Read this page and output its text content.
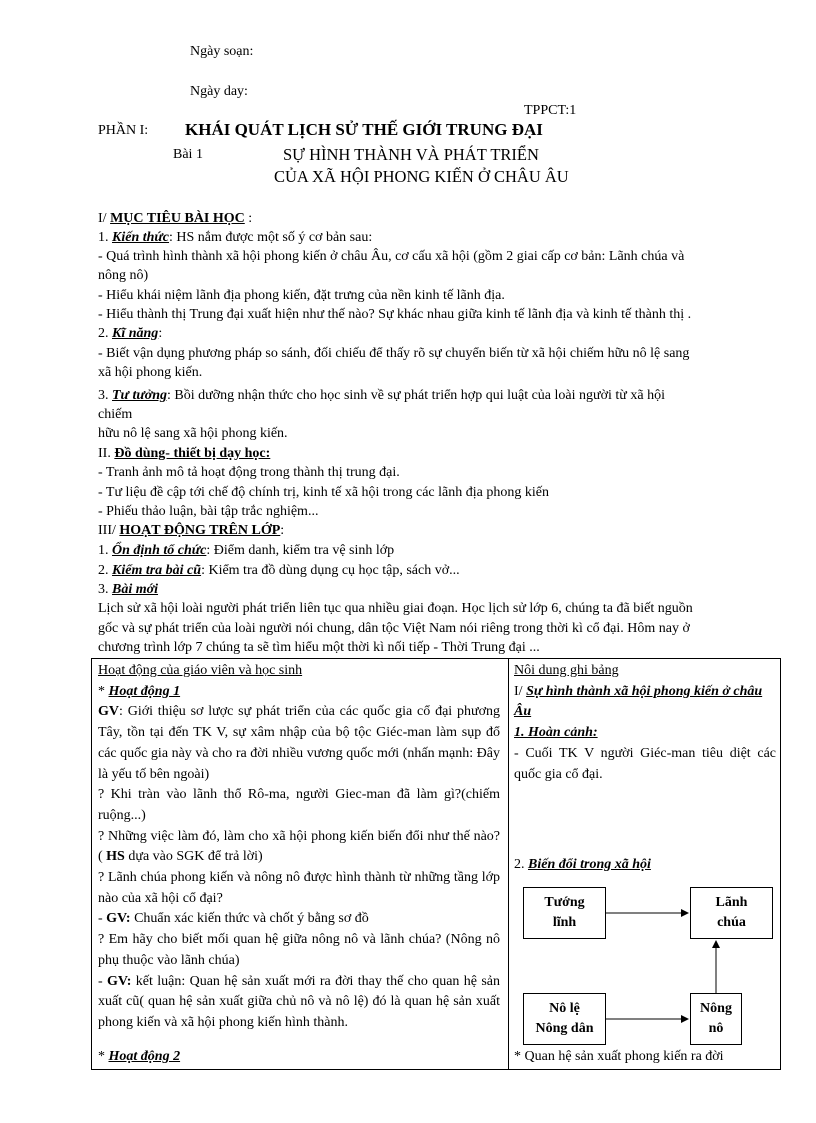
Ngày soạn:
Ngày day:
TPPCT:1
PHẦN I: KHÁI QUÁT LỊCH SỬ THẾ GIỚI TRUNG ĐẠI
Bài 1	SỰ HÌNH THÀNH VÀ PHÁT TRIỂN
CỦA XÃ HỘI PHONG KIẾN Ở CHÂU ÂU
I/ MỤC TIÊU BÀI HỌC :
1. Kiến thức: HS nắm được một số ý cơ bản sau:
- Quá trình hình thành xã hội phong kiến ở châu Âu, cơ cấu xã hội (gồm 2 giai cấp cơ bản: Lãnh chúa và
nông nô)
- Hiểu khái niệm lãnh địa phong kiến, đặt trưng của nền kinh tế lãnh địa.
- Hiểu thành thị Trung đại xuất hiện như thế nào? Sự khác nhau giữa kinh tế lãnh địa và kinh tế thành thị .
2. Kĩ năng:
- Biết vận dụng phương pháp so sánh, đối chiếu để thấy rõ sự chuyển biến từ xã hội chiếm hữu nô lệ sang
xã hội phong kiến.
3. Tư tưởng: Bồi dưỡng nhận thức cho học sinh về sự phát triển hợp qui luật của loài người từ xã hội
chiếm
hữu nô lệ sang xã hội phong kiến.
II. Đồ dùng- thiết bị dạy học:
- Tranh ảnh mô tả hoạt động trong thành thị trung đại.
- Tư liệu đề cập tới chế độ chính trị, kinh tế xã hội trong các lãnh địa phong kiến
- Phiếu thảo luận, bài tập trắc nghiệm...
III/ HOẠT ĐỘNG TRÊN LỚP:
1. Ổn định tổ chức: Điểm danh, kiểm tra vệ sinh lớp
2. Kiểm tra bài cũ: Kiểm tra đồ dùng dụng cụ học tập, sách vở...
3. Bài mới
Lịch sử xã hội loài người phát triển liên tục qua nhiều giai đoạn. Học lịch sử lớp 6, chúng ta đã biết nguồn
gốc và sự phát triển của loài người nói chung, dân tộc Việt Nam nói riêng trong thời kì cổ đại. Hôm nay ở
chương trình lớp 7 chúng ta sẽ tìm hiểu một thời kì nối tiếp - Thời Trung đại ...
Hoạt động của giáo viên và học sinh
* Hoạt động 1
GV: Giới thiệu sơ lược sự phát triển của các quốc gia cổ đại phương Tây, tồn tại đến TK V, sự xâm nhập của bộ tộc Giéc-man làm sụp đổ các quốc gia này và cho ra đời nhiều vương quốc mới (nhấn mạnh: Đây là yếu tố bên ngoài)
? Khi tràn vào lãnh thổ Rô-ma, người Giec-man đã làm gì?(chiếm ruộng...)
? Những việc làm đó, làm cho xã hội phong kiến biến đổi như thế nào?( HS dựa vào SGK để trả lời)
? Lãnh chúa phong kiến và nông nô được hình thành từ những tầng lớp nào của xã hội cổ đại?
- GV: Chuẩn xác kiến thức và chốt ý bằng sơ đồ
? Em hãy cho biết mối quan hệ giữa nông nô và lãnh chúa? (Nông nô phụ thuộc vào lãnh chúa)
- GV: kết luận: Quan hệ sản xuất mới ra đời thay thế cho quan hệ sản xuất cũ( quan hệ sản xuất giữa chủ nô và nô lệ) đó là quan hệ sản xuất phong kiến và xã hội phong kiến hình thành.
* Hoạt động 2
Nôi dung ghi bảng
I/ Sự hình thành xã hội phong kiến ở châu Âu
1. Hoàn cảnh:
- Cuối TK V người Giéc-man tiêu diệt các quốc gia cổ đại.
2. Biến đổi trong xã hội
Tướng
lĩnh
Lãnh
chúa
Nô lệ
Nông dân
Nông
nô
* Quan hệ sản xuất phong kiến ra đời
